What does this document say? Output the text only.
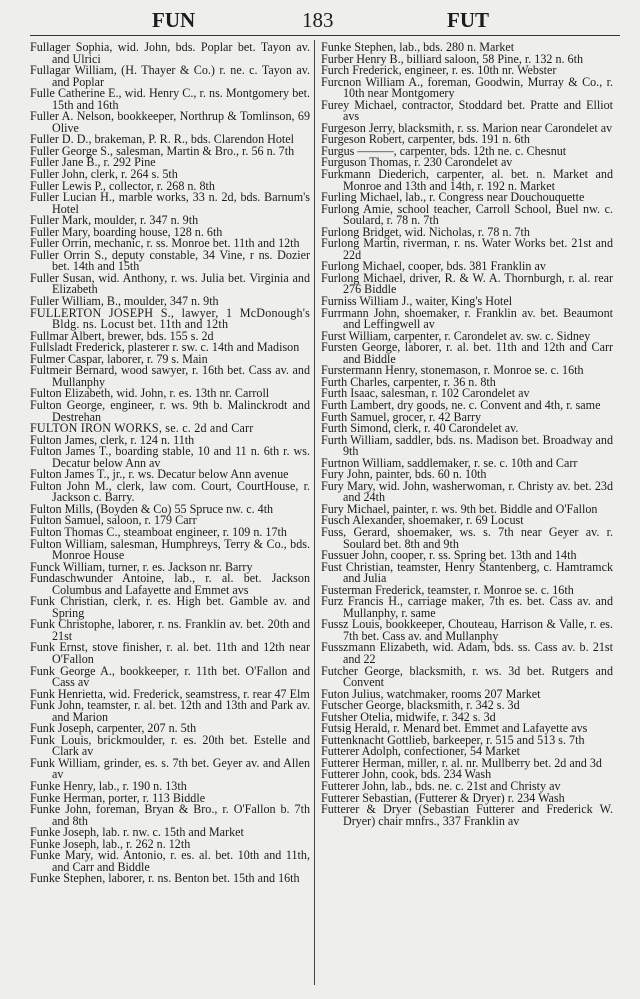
FUN	183	FUT

Fullager Sophia, wid. John, bds. Poplar bet. Tayon av. and Ulrici

Fullagar William, (H. Thayer & Co.) r. ne. c. Tayon av. and Poplar

Fulle Catherine E., wid. Henry C., r. ns. Montgomery bet. 15th and 16th

Fuller A. Nelson, bookkeeper, Northrup & Tomlinson, 69 Olive

Fuller D. D., brakeman, P. R. R., bds. Clarendon Hotel

Fuller George S., salesman, Martin & Bro., r. 56 n. 7th

Fuller Jane B., r. 292 Pine

Fuller John, clerk, r. 264 s. 5th

Fuller Lewis P., collector, r. 268 n. 8th

Fuller Lucian H., marble works, 33 n. 2d, bds. Barnum's Hotel

Fuller Mark, moulder, r. 347 n. 9th

Fuller Mary, boarding house, 128 n. 6th

Fuller Orrin, mechanic, r. ss. Monroe bet. 11th and 12th

Fuller Orrin S., deputy constable, 34 Vine, r ns. Dozier bet. 14th and 15th

Fuller Susan, wid. Anthony, r. ws. Julia bet. Virginia and Elizabeth

Fuller William, B., moulder, 347 n. 9th

FULLERTON JOSEPH S., lawyer, 1 McDonough's Bldg. ns. Locust bet. 11th and 12th

Fullmar Albert, brewer, bds. 155 s. 2d

Fullsladt Frederick, plasterer r. sw. c. 14th and Madison

Fulmer Caspar, laborer, r. 79 s. Main

Fultmeir Bernard, wood sawyer, r. 16th bet. Cass av. and Mullanphy

Fulton Elizabeth, wid. John, r. es. 13th nr. Carroll

Fulton George, engineer, r. ws. 9th b. Malinckrodt and Destrehan

FULTON IRON WORKS, se. c. 2d and Carr

Fulton James, clerk, r. 124 n. 11th

Fulton James T., boarding stable, 10 and 11 n. 6th r. ws. Decatur below Ann av

Fulton James T., jr., r. ws. Decatur below Ann avenue

Fulton John M., clerk, law com. Court, CourtHouse, r. Jackson c. Barry.

Fulton Mills, (Boyden & Co) 55 Spruce nw. c. 4th

Fulton Samuel, saloon, r. 179 Carr

Fulton Thomas C., steamboat engineer, r. 109 n. 17th

Fulton William, salesman, Humphreys, Terry & Co., bds. Monroe House

Funck William, turner, r. es. Jackson nr. Barry

Fundaschwunder Antoine, lab., r. al. bet. Jackson Columbus and Lafayette and Emmet avs

Funk Christian, clerk, r. es. High bet. Gamble av. and Spring

Funk Christophe, laborer, r. ns. Franklin av. bet. 20th and 21st

Funk Ernst, stove finisher, r. al. bet. 11th and 12th near O'Fallon

Funk George A., bookkeeper, r. 11th bet. O'Fallon and Cass av

Funk Henrietta, wid. Frederick, seamstress, r. rear 47 Elm

Funk John, teamster, r. al. bet. 12th and 13th and Park av. and Marion

Funk Joseph, carpenter, 207 n. 5th

Funk Louis, brickmoulder, r. es. 20th bet. Estelle and Clark av

Funk William, grinder, es. s. 7th bet. Geyer av. and Allen av

Funke Henry, lab., r. 190 n. 13th

Funke Herman, porter, r. 113 Biddle

Funke John, foreman, Bryan & Bro., r. O'Fallon b. 7th and 8th

Funke Joseph, lab. r. nw. c. 15th and Market

Funke Joseph, lab., r. 262 n. 12th

Funke Mary, wid. Antonio, r. es. al. bet. 10th and 11th, and Carr and Biddle

Funke Stephen, laborer, r. ns. Benton bet. 15th and 16th

Funke Stephen, lab., bds. 280 n. Market

Furber Henry B., billiard saloon, 58 Pine, r. 132 n. 6th

Furch Frederick, engineer, r. es. 10th nr. Webster

Furcnon William A., foreman, Goodwin, Murray & Co., r. 10th near Montgomery

Furey Michael, contractor, Stoddard bet. Pratte and Elliot avs

Furgeson Jerry, blacksmith, r. ss. Marion near Carondelet av

Furgeson Robert, carpenter, bds. 191 n. 6th

Furgus ———, carpenter, bds. 12th ne. c. Chesnut

Furguson Thomas, r. 230 Carondelet av

Furkmann Diederich, carpenter, al. bet. n. Market and Monroe and 13th and 14th, r. 192 n. Market

Furling Michael, lab., r. Congress near Douchouquette

Furlong Amie, school teacher, Carroll School, Buel nw. c. Soulard, r. 78 n. 7th

Furlong Bridget, wid. Nicholas, r. 78 n. 7th

Furlong Martin, riverman, r. ns. Water Works bet. 21st and 22d

Furlong Michael, cooper, bds. 381 Franklin av

Furlong Michael, driver, R. & W. A. Thornburgh, r. al. rear 276 Biddle

Furniss William J., waiter, King's Hotel

Furrmann John, shoemaker, r. Franklin av. bet. Beaumont and Leffingwell av

Furst William, carpenter, r. Carondelet av. sw. c. Sidney

Fursten George, laborer, r. al. bet. 11th and 12th and Carr and Biddle

Furstermann Henry, stonemason, r. Monroe se. c. 16th

Furth Charles, carpenter, r. 36 n. 8th

Furth Isaac, salesman, r. 102 Carondelet av

Furth Lambert, dry goods, ne. c. Convent and 4th, r. same

Furth Samuel, grocer, r. 42 Barry

Furth Simond, clerk, r. 40 Carondelet av.

Furth William, saddler, bds. ns. Madison bet. Broadway and 9th

Furtnon William, saddlemaker, r. se. c. 10th and Carr

Fury John, painter, bds. 60 n. 10th

Fury Mary, wid. John, washerwoman, r. Christy av. bet. 23d and 24th

Fury Michael, painter, r. ws. 9th bet. Biddle and O'Fallon

Fusch Alexander, shoemaker, r. 69 Locust

Fuss, Gerard, shoemaker, ws. s. 7th near Geyer av. r. Soulard bet. 8th and 9th

Fussuer John, cooper, r. ss. Spring bet. 13th and 14th

Fust Christian, teamster, Henry Stantenberg, c. Hamtramck and Julia

Fusterman Frederick, teamster, r. Monroe se. c. 16th

Furz Francis H., carriage maker, 7th es. bet. Cass av. and Mullanphy, r. same

Fussz Louis, bookkeeper, Chouteau, Harrison & Valle, r. es. 7th bet. Cass av. and Mullanphy

Fusszmann Elizabeth, wid. Adam, bds. ss. Cass av. b. 21st and 22

Futcher George, blacksmith, r. ws. 3d bet. Rutgers and Convent

Futon Julius, watchmaker, rooms 207 Market

Futscher George, blacksmith, r. 342 s. 3d

Futsher Otelia, midwife, r. 342 s. 3d

Futsig Herald, r. Menard bet. Emmet and Lafayette avs

Futtenknacht Gottlieb, barkeeper, r. 515 and 513 s. 7th

Futterer Adolph, confectioner, 54 Market

Futterer Herman, miller, r. al. nr. Mullberry bet. 2d and 3d

Futterer John, cook, bds. 234 Wash

Futterer John, lab., bds. ne. c. 21st and Christy av

Futterer Sebastian, (Futterer & Dryer) r. 234 Wash

Futterer & Dryer (Sebastian Futterer and Frederick W. Dryer) chair mnfrs., 337 Franklin av
